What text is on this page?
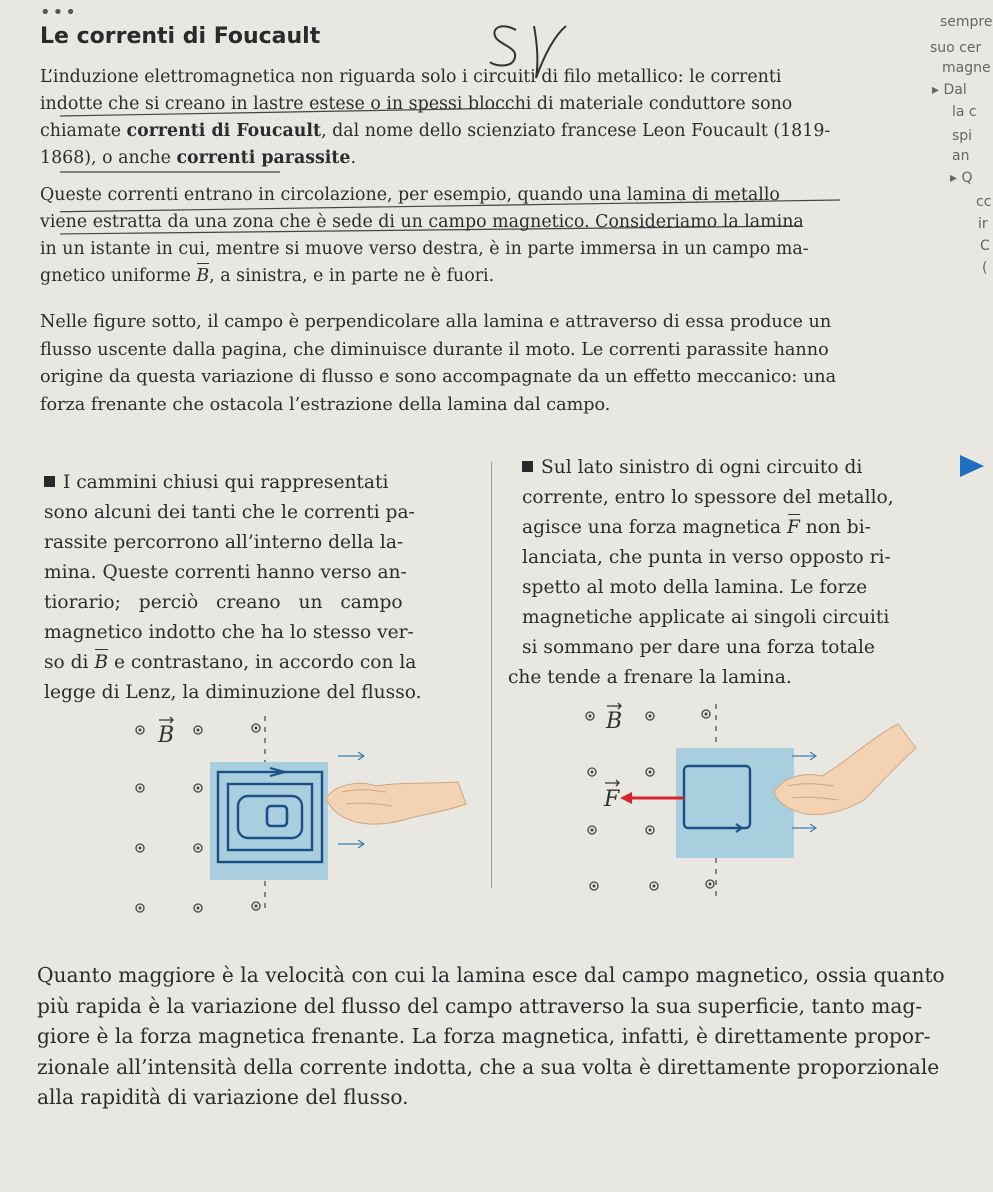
•••
Le correnti di Foucault
sempre
suo cer
magne
▸ Dal
la c
spi
an
▸ Q
cc
ir
C
(
L’induzione elettromagnetica non riguarda solo i circuiti di filo metallico: le correnti
indotte che si creano in lastre estese o in spessi blocchi di materiale conduttore sono
chiamate correnti di Foucault, dal nome dello scienziato francese Leon Foucault (1819-
1868), o anche correnti parassite.
Queste correnti entrano in circolazione, per esempio, quando una lamina di metallo
viene estratta da una zona che è sede di un campo magnetico. Consideriamo la lamina
in un istante in cui, mentre si muove verso destra, è in parte immersa in un campo ma-
gnetico uniforme B, a sinistra, e in parte ne è fuori.
Nelle figure sotto, il campo è perpendicolare alla lamina e attraverso di essa produce un
flusso uscente dalla pagina, che diminuisce durante il moto. Le correnti parassite hanno
origine da questa variazione di flusso e sono accompagnate da un effetto meccanico: una
forza frenante che ostacola l’estrazione della lamina dal campo.
I cammini chiusi qui rappresentati
sono alcuni dei tanti che le correnti pa-
rassite percorrono all’interno della la-
mina. Queste correnti hanno verso an-
tiorario; perciò creano un campo
magnetico indotto che ha lo stesso ver-
so di B e contrastano, in accordo con la
legge di Lenz, la diminuzione del flusso.
Sul lato sinistro di ogni circuito di
corrente, entro lo spessore del metallo,
agisce una forza magnetica F non bi-
lanciata, che punta in verso opposto ri-
spetto al moto della lamina. Le forze
magnetiche applicate ai singoli circuiti
si sommano per dare una forza totale
che tende a frenare la lamina.
B
B
F
Quanto maggiore è la velocità con cui la lamina esce dal campo magnetico, ossia quanto
più rapida è la variazione del flusso del campo attraverso la sua superficie, tanto mag-
giore è la forza magnetica frenante. La forza magnetica, infatti, è direttamente propor-
zionale all’intensità della corrente indotta, che a sua volta è direttamente proporzionale
alla rapidità di variazione del flusso.
